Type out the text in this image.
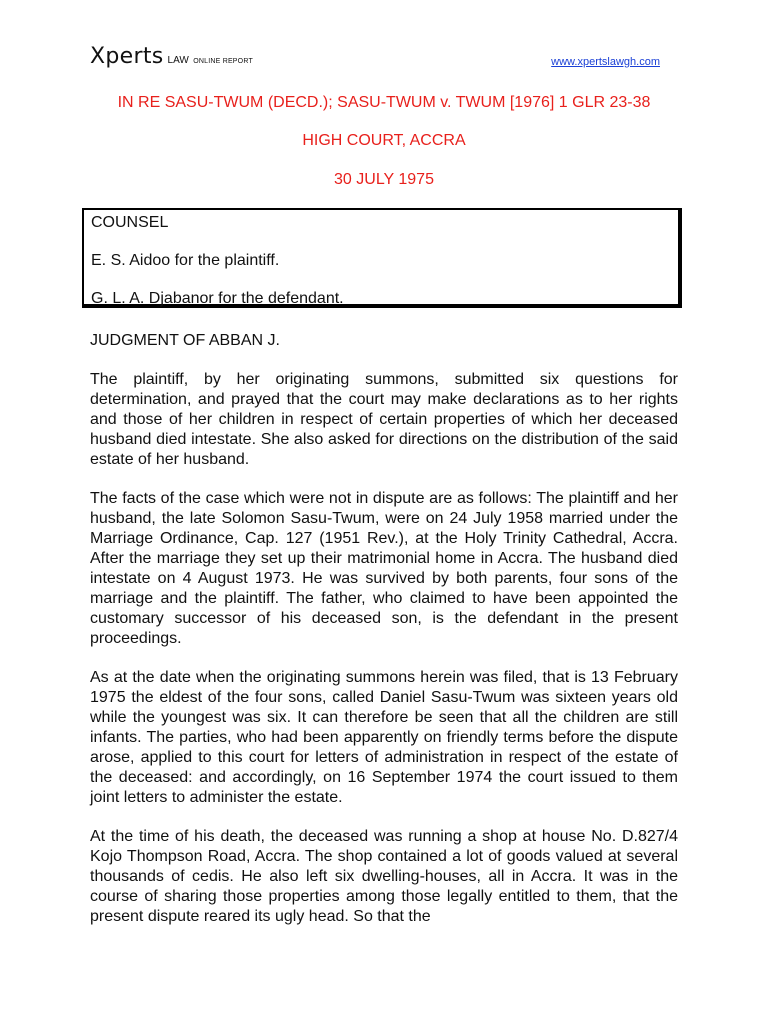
Xperts LAW ONLINE REPORT	www.xpertslawgh.com
IN RE SASU-TWUM (DECD.); SASU-TWUM v. TWUM [1976] 1 GLR 23-38
HIGH COURT, ACCRA
30 JULY 1975
COUNSEL
E. S. Aidoo for the plaintiff.
G. L. A. Djabanor for the defendant.
JUDGMENT OF ABBAN J.

The plaintiff, by her originating summons, submitted six questions for determination, and prayed that the court may make declarations as to her rights and those of her children in respect of certain properties of which her deceased husband died intestate. She also asked for directions on the distribution of the said estate of her husband.

The facts of the case which were not in dispute are as follows: The plaintiff and her husband, the late Solomon Sasu-Twum, were on 24 July 1958 married under the Marriage Ordinance, Cap. 127 (1951 Rev.), at the Holy Trinity Cathedral, Accra. After the marriage they set up their matrimonial home in Accra. The husband died intestate on 4 August 1973. He was survived by both parents, four sons of the marriage and the plaintiff. The father, who claimed to have been appointed the customary successor of his deceased son, is the defendant in the present proceedings.

As at the date when the originating summons herein was filed, that is 13 February 1975 the eldest of the four sons, called Daniel Sasu-Twum was sixteen years old while the youngest was six. It can therefore be seen that all the children are still infants. The parties, who had been apparently on friendly terms before the dispute arose, applied to this court for letters of administration in respect of the estate of the deceased: and accordingly, on 16 September 1974 the court issued to them joint letters to administer the estate.

At the time of his death, the deceased was running a shop at house No. D.827/4 Kojo Thompson Road, Accra. The shop contained a lot of goods valued at several thousands of cedis. He also left six dwelling-houses, all in Accra. It was in the course of sharing those properties among those legally entitled to them, that the present dispute reared its ugly head. So that the
